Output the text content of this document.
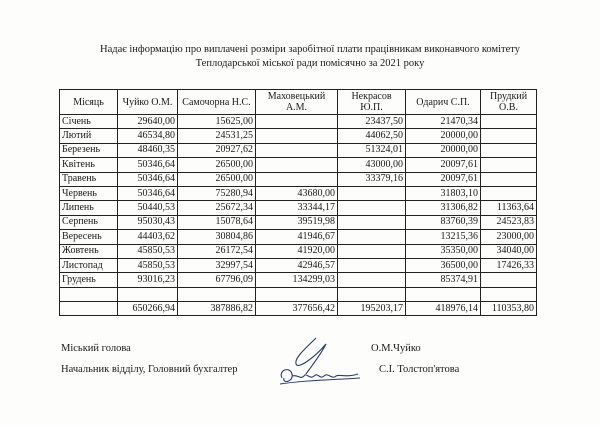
Надає інформацію про виплачені розміри заробітної плати працівникам виконавчого комітету
Теплодарської міської ради помісячно за 2021 року
Місяць	Чуйко О.М.	Самочорна Н.С.	Маховецький А.М.	Некрасов Ю.П.	Одарич С.П.	Прудкий О.В.
Січень	29640,00	15625,00		23437,50	21470,34	
Лютий	46534,80	24531,25		44062,50	20000,00	
Березень	48460,35	20927,62		51324,01	20000,00	
Квітень	50346,64	26500,00		43000,00	20097,61	
Травень	50346,64	26500,00		33379,16	20097,61	
Червень	50346,64	75280,94	43680,00		31803,10	
Липень	50440,53	25672,34	33344,17		31306,82	11363,64
Серпень	95030,43	15078,64	39519,98		83760,39	24523,83
Вересень	44403,62	30804,86	41946,67		13215,36	23000,00
Жовтень	45850,53	26172,54	41920,00		35350,00	34040,00
Листопад	45850,53	32997,54	42946,57		36500,00	17426,33
Грудень	93016,23	67796,09	134299,03		85374,91	

	650266,94	387886,82	377656,42	195203,17	418976,14	110353,80
Міський голова	О.М.Чуйко
Начальник відділу, Головний бухгалтер	С.І. Толстоп'ятова
